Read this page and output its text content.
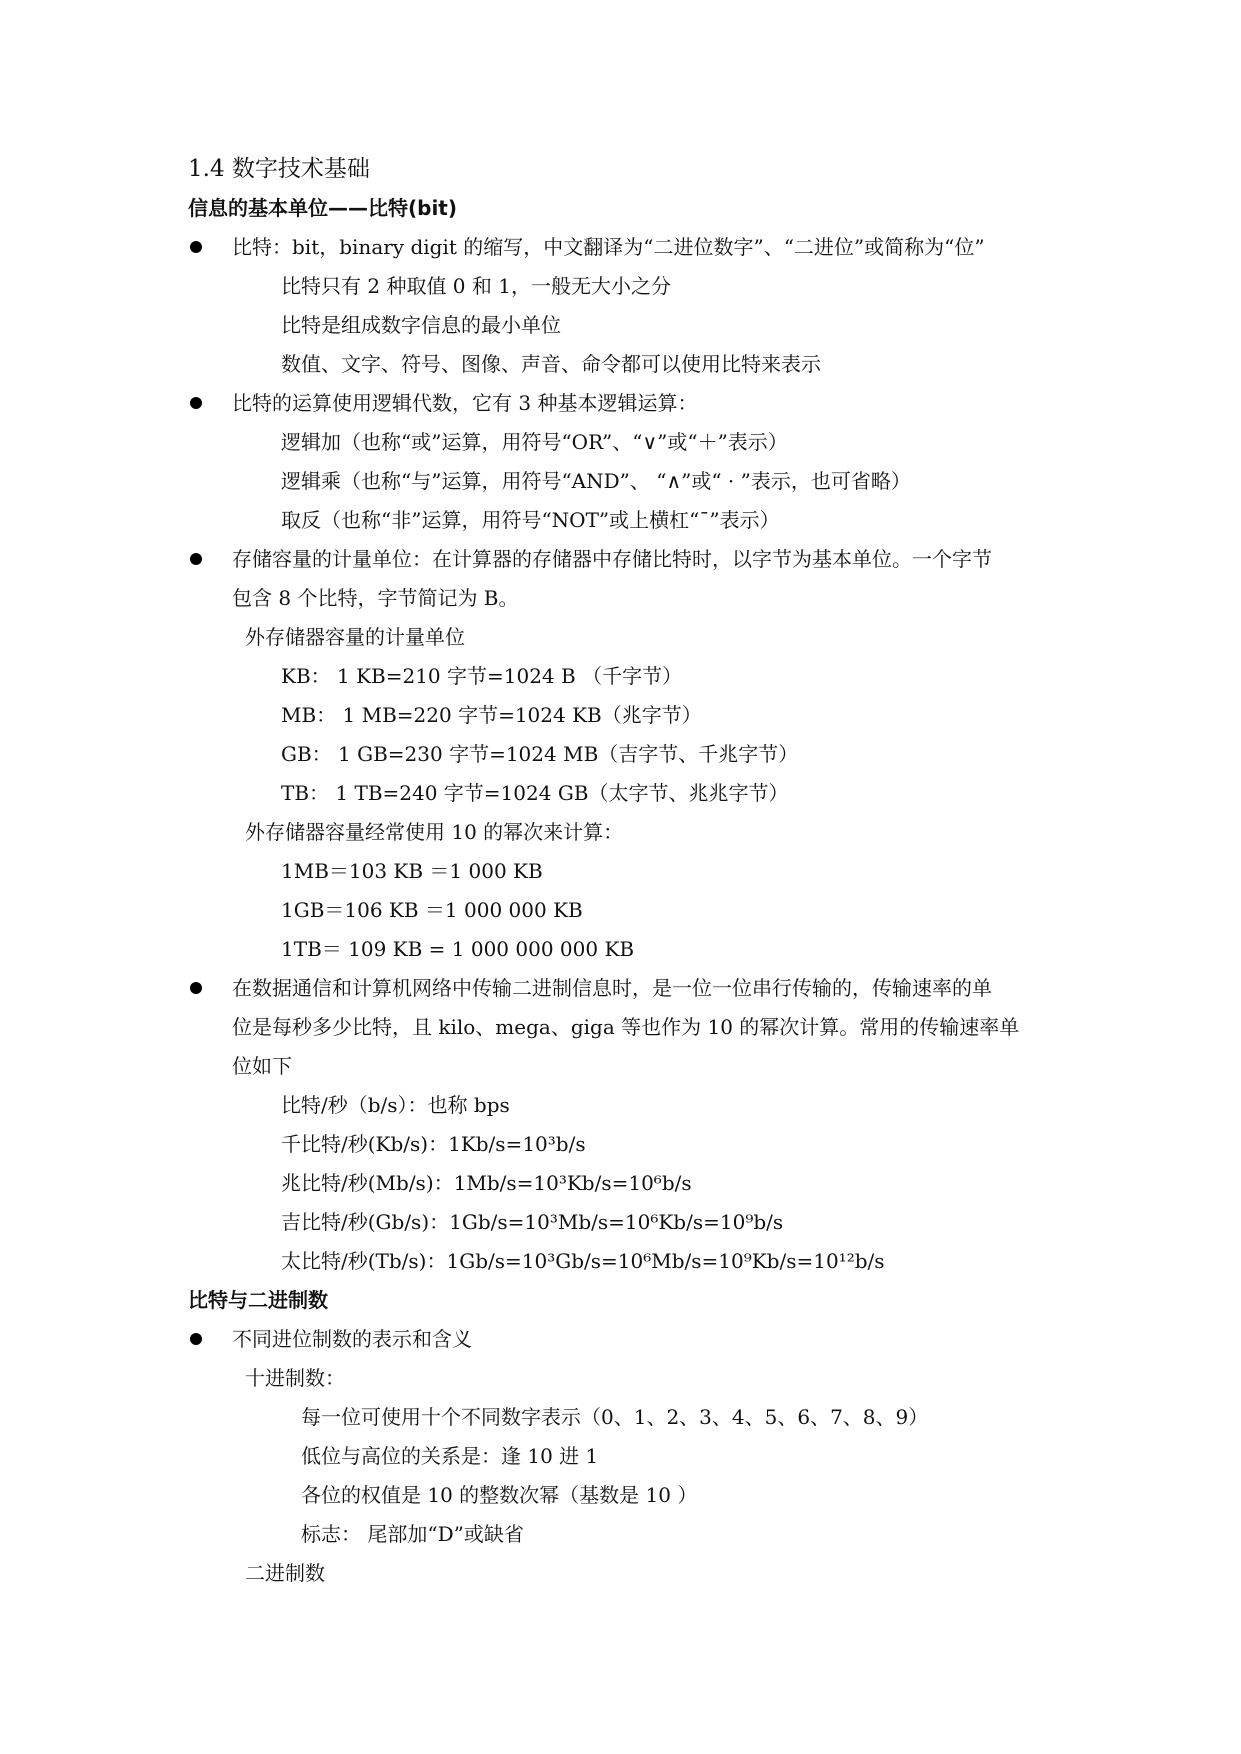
1.4 数字技术基础
信息的基本单位——比特(bit)
比特：bit，binary digit 的缩写，中文翻译为“二进位数字”、“二进位”或简称为“位”
比特只有 2 种取值 0 和 1，一般无大小之分
比特是组成数字信息的最小单位
数值、文字、符号、图像、声音、命令都可以使用比特来表示
比特的运算使用逻辑代数，它有 3 种基本逻辑运算：
逻辑加（也称“或”运算，用符号“OR”、“∨”或“＋”表示）
逻辑乘（也称“与”运算，用符号“AND”、 “∧”或“ · ”表示，也可省略）
取反（也称“非”运算，用符号“NOT”或上横杠“¯”表示）
存储容量的计量单位：在计算器的存储器中存储比特时，以字节为基本单位。一个字节
包含 8 个比特，字节简记为 B。
外存储器容量的计量单位
KB： 1 KB=210 字节=1024 B （千字节）
MB： 1 MB=220 字节=1024 KB（兆字节）
GB： 1 GB=230 字节=1024 MB（吉字节、千兆字节）
TB： 1 TB=240 字节=1024 GB（太字节、兆兆字节）
外存储器容量经常使用 10 的幂次来计算：
1MB＝103 KB ＝1 000 KB
1GB＝106 KB ＝1 000 000 KB
1TB＝ 109 KB = 1 000 000 000 KB
在数据通信和计算机网络中传输二进制信息时，是一位一位串行传输的，传输速率的单
位是每秒多少比特，且 kilo、mega、giga 等也作为 10 的幂次计算。常用的传输速率单
位如下
比特/秒（b/s）：也称 bps
千比特/秒(Kb/s)：1Kb/s=10³b/s
兆比特/秒(Mb/s)：1Mb/s=10³Kb/s=10⁶b/s
吉比特/秒(Gb/s)：1Gb/s=10³Mb/s=10⁶Kb/s=10⁹b/s
太比特/秒(Tb/s)：1Gb/s=10³Gb/s=10⁶Mb/s=10⁹Kb/s=10¹²b/s
比特与二进制数
不同进位制数的表示和含义
十进制数：
每一位可使用十个不同数字表示（0、1、2、3、4、5、6、7、8、9）
低位与高位的关系是：逢 10 进 1
各位的权值是 10 的整数次幂（基数是 10 ）
标志： 尾部加“D”或缺省
二进制数
